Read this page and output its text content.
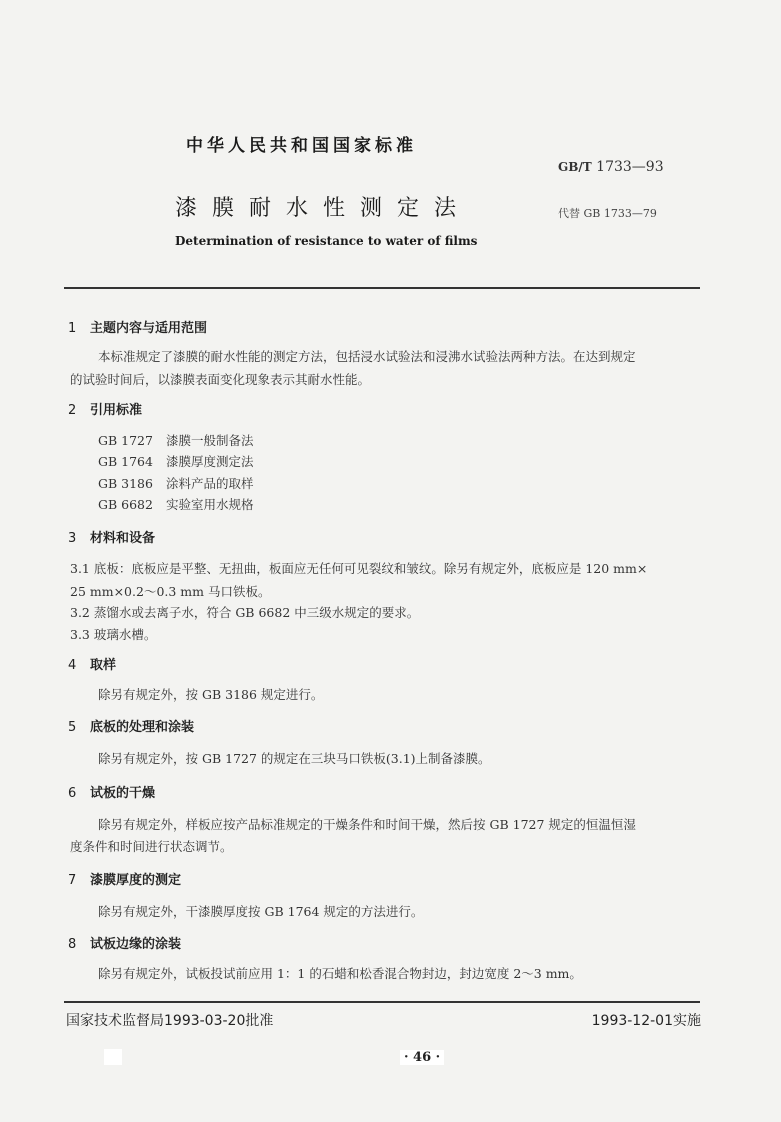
中华人民共和国国家标准
GB/T 1733—93
漆膜耐水性测定法	代替 GB 1733—79
Determination of resistance to water of films
1 主题内容与适用范围
本标准规定了漆膜的耐水性能的测定方法，包括浸水试验法和浸沸水试验法两种方法。在达到规定
的试验时间后，以漆膜表面变化现象表示其耐水性能。
2 引用标准
GB 1727 漆膜一般制备法
GB 1764 漆膜厚度测定法
GB 3186 涂料产品的取样
GB 6682 实验室用水规格
3 材料和设备
3.1 底板：底板应是平整、无扭曲，板面应无任何可见裂纹和皱纹。除另有规定外，底板应是 120 mm×
25 mm×0.2～0.3 mm 马口铁板。
3.2 蒸馏水或去离子水，符合 GB 6682 中三级水规定的要求。
3.3 玻璃水槽。
4 取样
除另有规定外，按 GB 3186 规定进行。
5 底板的处理和涂装
除另有规定外，按 GB 1727 的规定在三块马口铁板(3.1)上制备漆膜。
6 试板的干燥
除另有规定外，样板应按产品标准规定的干燥条件和时间干燥，然后按 GB 1727 规定的恒温恒湿
度条件和时间进行状态调节。
7 漆膜厚度的测定
除另有规定外，干漆膜厚度按 GB 1764 规定的方法进行。
8 试板边缘的涂装
除另有规定外，试板投试前应用 1：1 的石蜡和松香混合物封边，封边宽度 2～3 mm。
国家技术监督局1993-03-20批准	1993-12-01实施
· 46 ·
